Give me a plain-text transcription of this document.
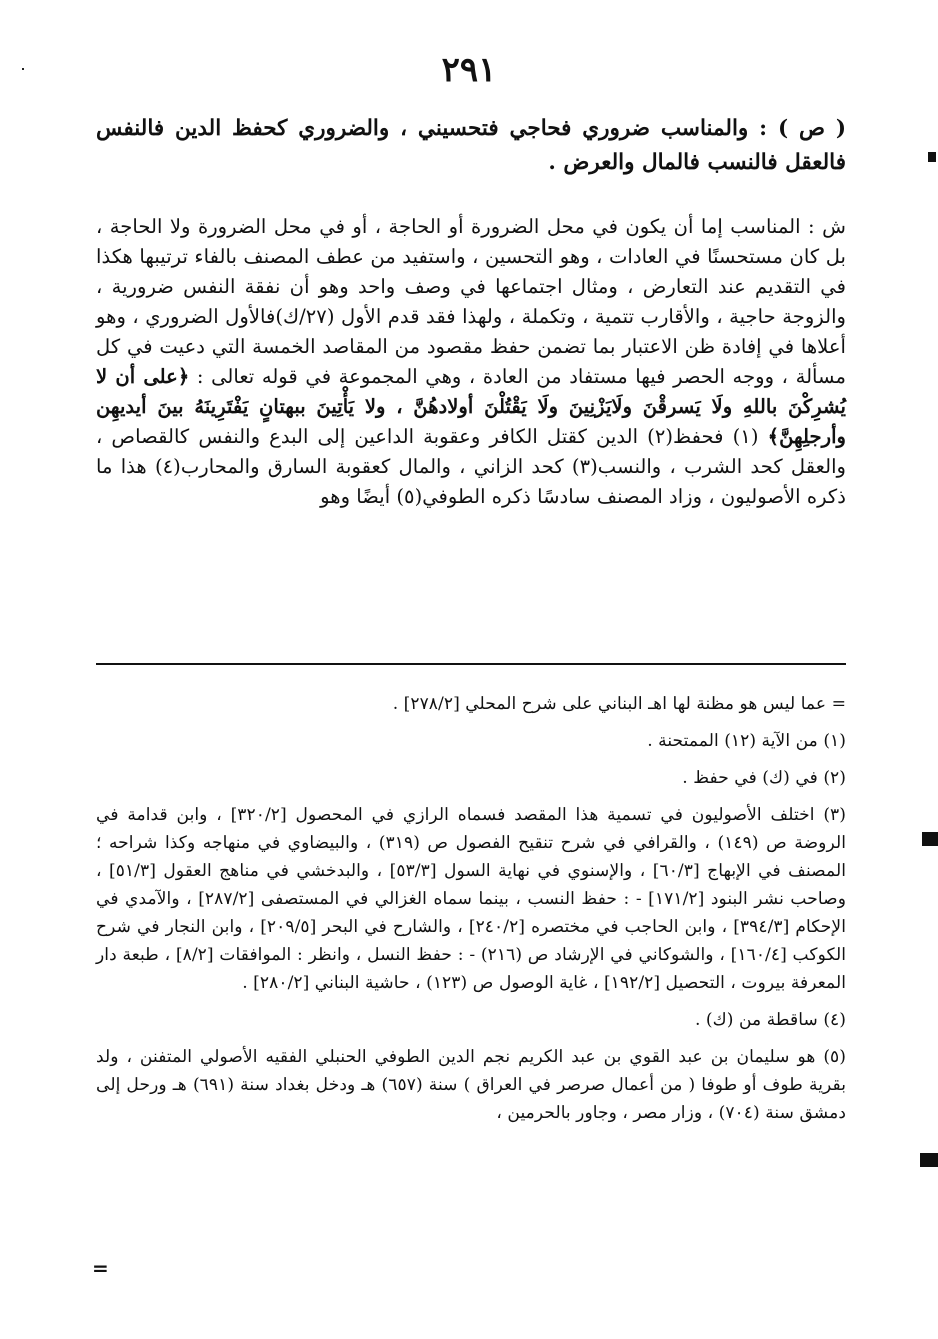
٢٩١
( ص ) : والمناسب ضروري فحاجي فتحسيني ، والضروري كحفظ الدين فالنفس فالعقل فالنسب فالمال والعرض .

ش : المناسب إما أن يكون في محل الضرورة أو الحاجة ، أو في محل الضرورة ولا الحاجة ، بل كان مستحسنًا في العادات ، وهو التحسين ، واستفيد من عطف المصنف بالفاء ترتيبها هكذا في التقديم عند التعارض ، ومثال اجتماعها في وصف واحد وهو أن نفقة النفس ضرورية ، والزوجة حاجية ، والأقارب تتمية ، وتكملة ، ولهذا فقد قدم الأول (٢٧/ك)فالأول الضروري ، وهو أعلاها في إفادة ظن الاعتبار بما تضمن حفظ مقصود من المقاصد الخمسة التي دعيت في كل مسألة ، ووجه الحصر فيها مستفاد من العادة ، وهي المجموعة في قوله تعالى : ﴿على أن لا يُشرِكْنَ باللهِ ولَا يَسرقْنَ ولَايَزْنِينَ ولَا يَقْتُلْنَ أولادهُنَّ ، ولا يَأْتِينَ ببهتانٍ يَفْتَرِينَهُ بينَ أيديهِن وأرجلِهِنَّ﴾ (١) فحفظ(٢) الدين كقتل الكافر وعقوبة الداعين إلى البدع والنفس كالقصاص ، والعقل كحد الشرب ، والنسب(٣) كحد الزاني ، والمال كعقوبة السارق والمحارب(٤) هذا ما ذكره الأصوليون ، وزاد المصنف سادسًا ذكره الطوفي(٥) أيضًا وهو

= عما ليس هو مظنة لها اهـ البناني على شرح المحلي [٢٧٨/٢] .
(١) من الآية (١٢) الممتحنة .
(٢) في (ك) في حفظ .
(٣) اختلف الأصوليون في تسمية هذا المقصد فسماه الرازي في المحصول [٣٢٠/٢] ، وابن قدامة في الروضة ص (١٤٩) ، والقرافي في شرح تنقيح الفصول ص (٣١٩) ، والبيضاوي في منهاجه وكذا شراحه ؛ المصنف في الإبهاج [٦٠/٣] ، والإسنوي في نهاية السول [٥٣/٣] ، والبدخشي في مناهج العقول [٥١/٣] ، وصاحب نشر البنود [١٧١/٢] - : حفظ النسب ، بينما سماه الغزالي في المستصفى [٢٨٧/٢] ، والآمدي في الإحكام [٣٩٤/٣] ، وابن الحاجب في مختصره [٢٤٠/٢] ، والشارح في البحر [٢٠٩/٥] ، وابن النجار في شرح الكوكب [١٦٠/٤] ، والشوكاني في الإرشاد ص (٢١٦) - : حفظ النسل ، وانظر : الموافقات [٨/٢] ، طبعة دار المعرفة بيروت ، التحصيل [١٩٢/٢] ، غاية الوصول ص (١٢٣) ، حاشية البناني [٢٨٠/٢] .
(٤) ساقطة من (ك) .
(٥) هو سليمان بن عبد القوي بن عبد الكريم نجم الدين الطوفي الحنبلي الفقيه الأصولي المتفنن ، ولد بقرية طوف أو طوفا ( من أعمال صرصر في العراق ) سنة (٦٥٧) هـ ودخل بغداد سنة (٦٩١) هـ ورحل إلى دمشق سنة (٧٠٤) ، وزار مصر ، وجاور بالحرمين ،
=
